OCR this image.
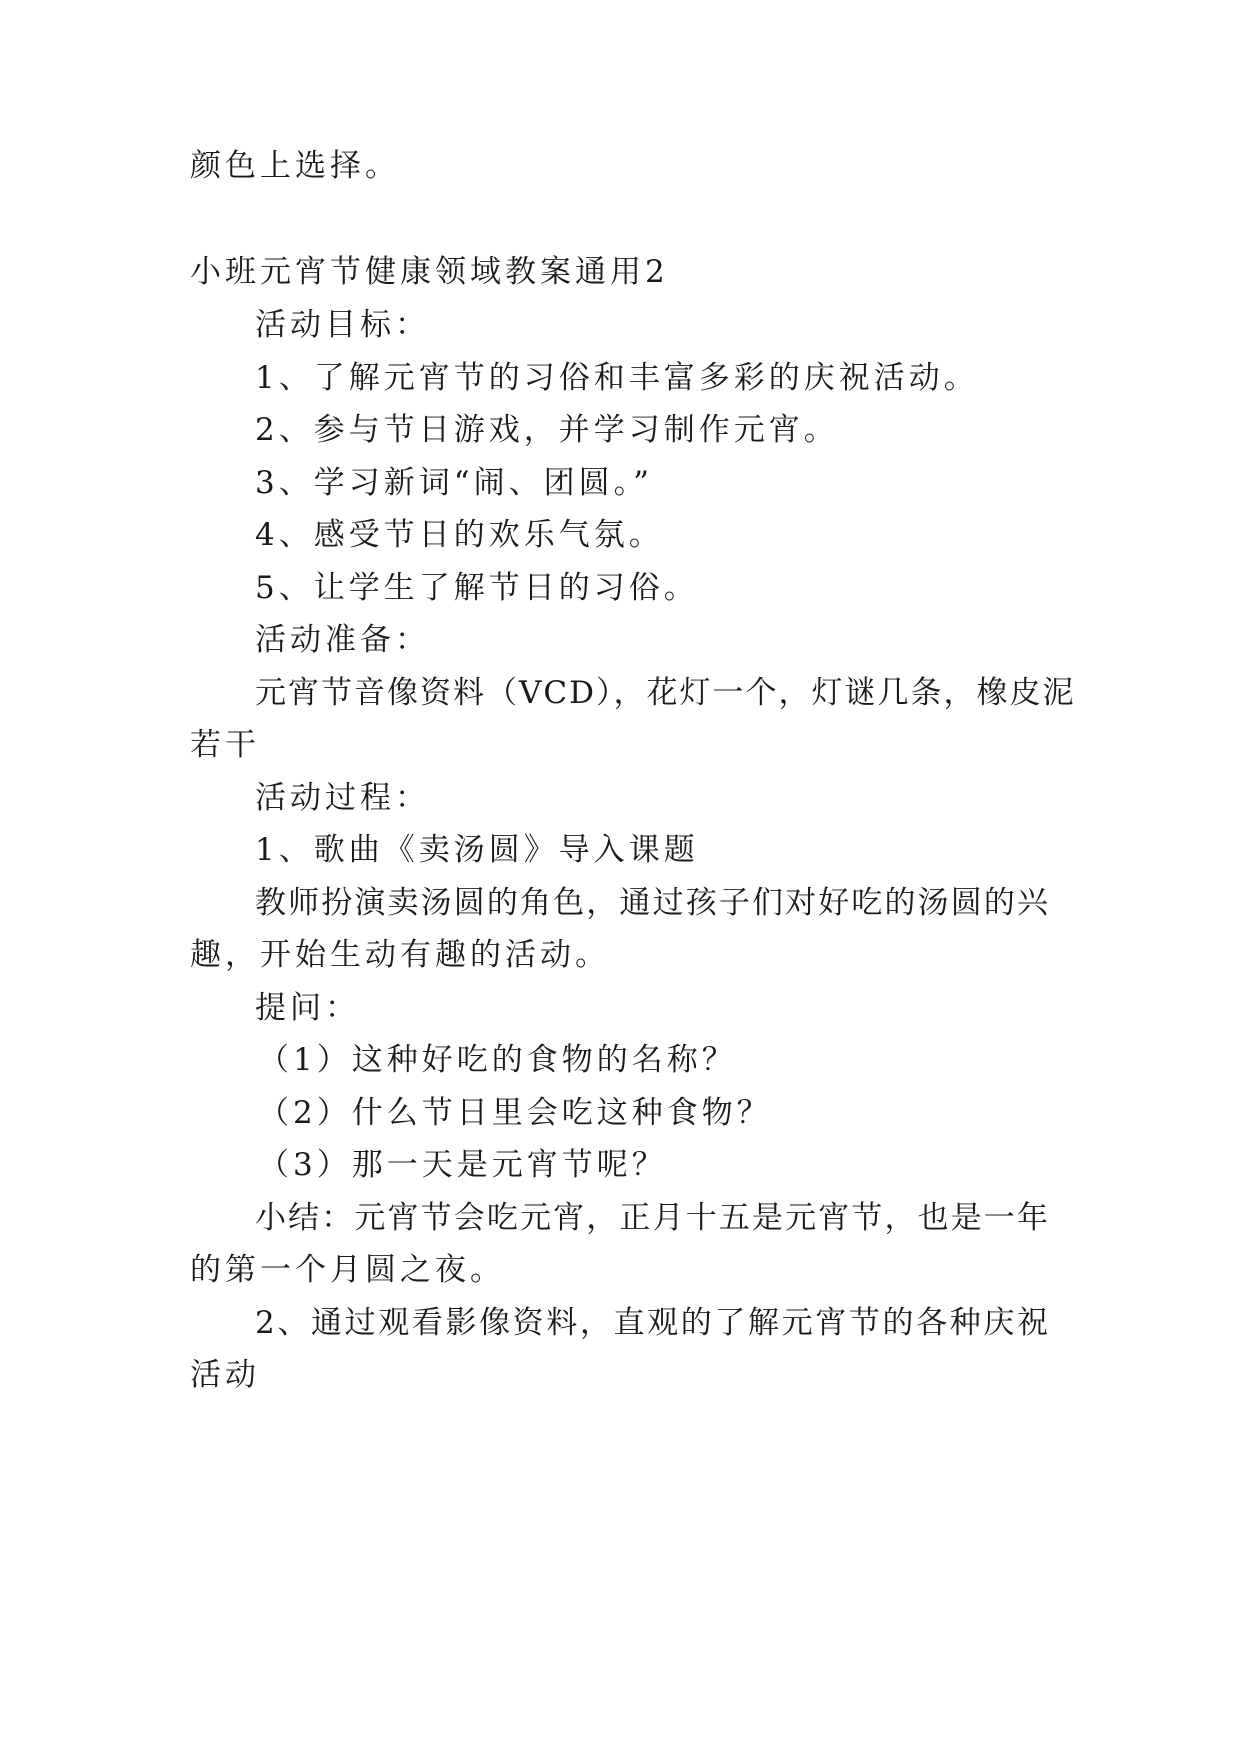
颜色上选择。
小班元宵节健康领域教案通用2
活动目标：
1、了解元宵节的习俗和丰富多彩的庆祝活动。
2、参与节日游戏，并学习制作元宵。
3、学习新词“闹、团圆。”
4、感受节日的欢乐气氛。
5、让学生了解节日的习俗。
活动准备：
元宵节音像资料（VCD），花灯一个，灯谜几条，橡皮泥
若干
活动过程：
1、歌曲《卖汤圆》导入课题
教师扮演卖汤圆的角色，通过孩子们对好吃的汤圆的兴
趣，开始生动有趣的活动。
提问：
（1）这种好吃的食物的名称？
（2）什么节日里会吃这种食物？
（3）那一天是元宵节呢？
小结：元宵节会吃元宵，正月十五是元宵节，也是一年
的第一个月圆之夜。
2、通过观看影像资料，直观的了解元宵节的各种庆祝
活动
